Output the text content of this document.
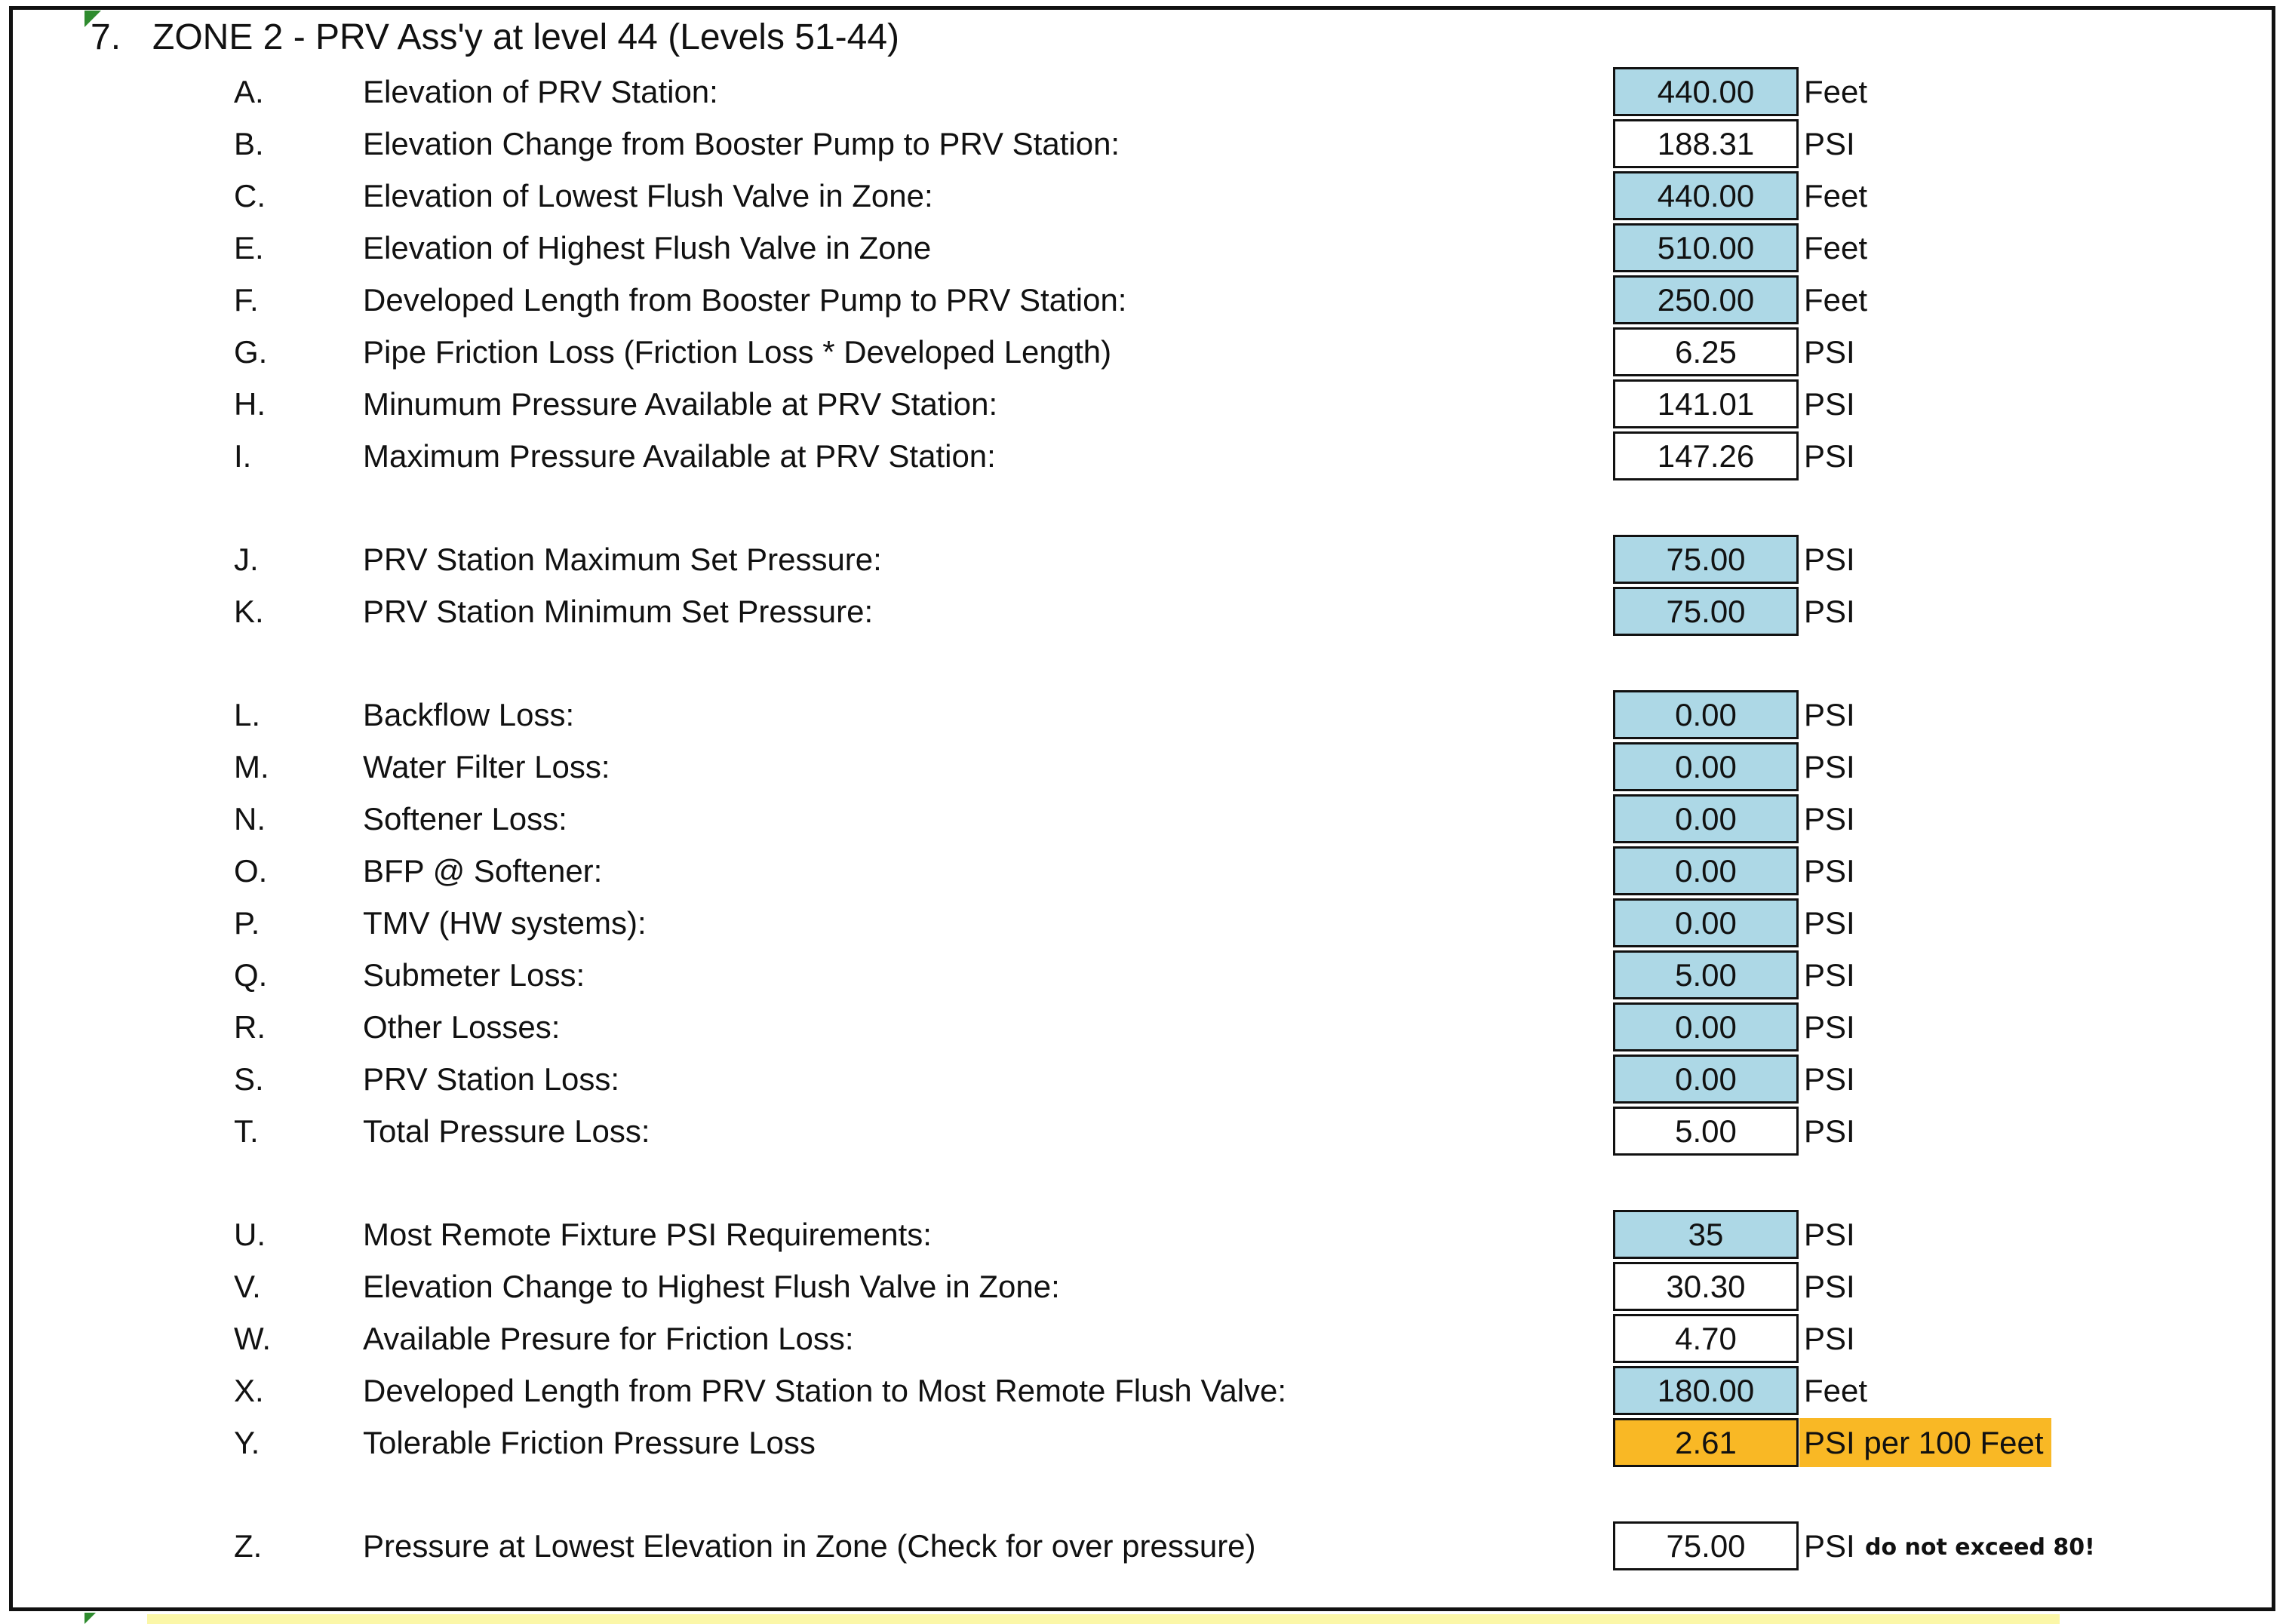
7. ZONE 2 - PRV Ass'y at level 44 (Levels 51-44)
A.	Elevation of PRV Station:	440.00	Feet
B.	Elevation Change from Booster Pump to PRV Station:	188.31	PSI
C.	Elevation of Lowest Flush Valve in Zone:	440.00	Feet
E.	Elevation of Highest Flush Valve in Zone	510.00	Feet
F.	Developed Length from Booster Pump to PRV Station:	250.00	Feet
G.	Pipe Friction Loss (Friction Loss * Developed Length)	6.25	PSI
H.	Minumum Pressure Available at PRV Station:	141.01	PSI
I.	Maximum Pressure Available at PRV Station:	147.26	PSI
J.	PRV Station Maximum Set Pressure:	75.00	PSI
K.	PRV Station Minimum Set Pressure:	75.00	PSI
L.	Backflow Loss:	0.00	PSI
M.	Water Filter Loss:	0.00	PSI
N.	Softener Loss:	0.00	PSI
O.	BFP @ Softener:	0.00	PSI
P.	TMV (HW systems):	0.00	PSI
Q.	Submeter Loss:	5.00	PSI
R.	Other Losses:	0.00	PSI
S.	PRV Station Loss:	0.00	PSI
T.	Total Pressure Loss:	5.00	PSI
U.	Most Remote Fixture PSI Requirements:	35	PSI
V.	Elevation Change to Highest Flush Valve in Zone:	30.30	PSI
W.	Available Presure for Friction Loss:	4.70	PSI
X.	Developed Length from PRV Station to Most Remote Flush Valve:	180.00	Feet
Y.	Tolerable Friction Pressure Loss	2.61	PSI per 100 Feet
Z.	Pressure at Lowest Elevation in Zone (Check for over pressure)	75.00	PSI do not exceed 80!
